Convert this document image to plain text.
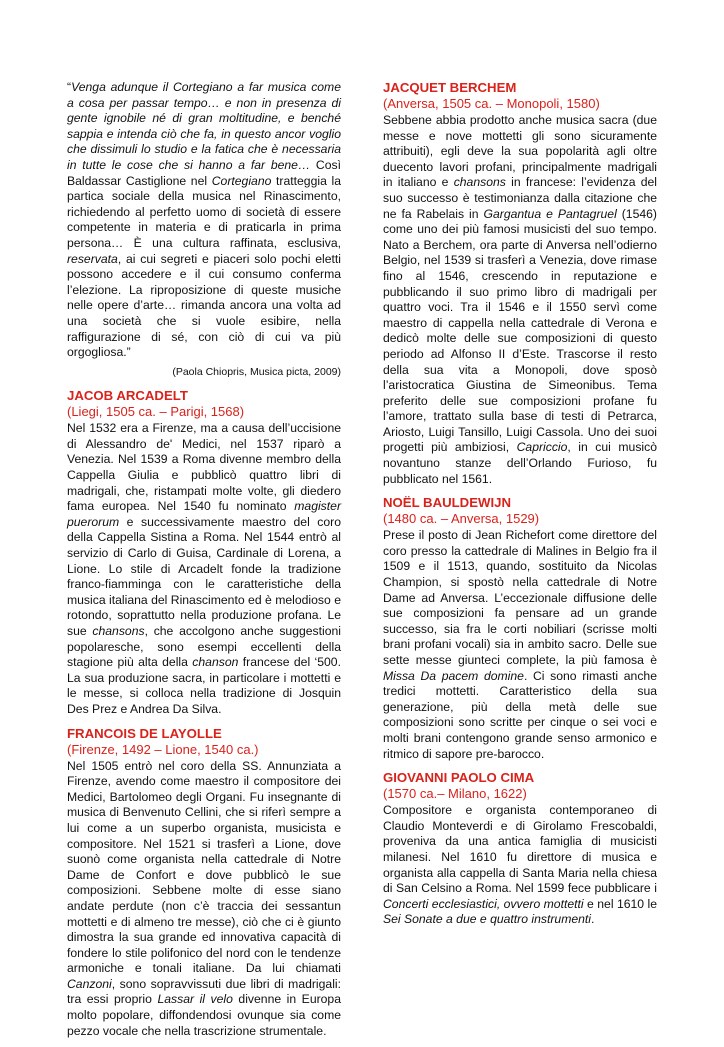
“Venga adunque il Cortegiano a far musica come a cosa per passar tempo… e non in presenza di gente ignobile né di gran moltitudine, e benché sappia e intenda ciò che fa, in questo ancor voglio che dissimuli lo studio e la fatica che è necessaria in tutte le cose che si hanno a far bene… Così Baldassar Castiglione nel Cortegiano tratteggia la partica sociale della musica nel Rinascimento, richiedendo al perfetto uomo di società di essere competente in materia e di praticarla in prima persona… È una cultura raffinata, esclusiva, reservata, ai cui segreti e piaceri solo pochi eletti possono accedere e il cui consumo conferma l’elezione. La riproposizione di queste musiche nelle opere d’arte… rimanda ancora una volta ad una società che si vuole esibire, nella raffigurazione di sé, con ciò di cui va più orgogliosa.”

(Paola Chiopris, Musica picta, 2009)

JACOB ARCADELT
(Liegi, 1505 ca. – Parigi, 1568)

Nel 1532 era a Firenze, ma a causa dell’uccisione di Alessandro de' Medici, nel 1537 riparò a Venezia. Nel 1539 a Roma divenne membro della Cappella Giulia e pubblicò quattro libri di madrigali, che, ristampati molte volte, gli diedero fama europea. Nel 1540 fu nominato magister puerorum e successivamente maestro del coro della Cappella Sistina a Roma. Nel 1544 entrò al servizio di Carlo di Guisa, Cardinale di Lorena, a Lione. Lo stile di Arcadelt fonde la tradizione franco-fiamminga con le caratteristiche della musica italiana del Rinascimento ed è melodioso e rotondo, soprattutto nella produzione profana. Le sue chansons, che accolgono anche suggestioni popolaresche, sono esempi eccellenti della stagione più alta della chanson francese del ‘500. La sua produzione sacra, in particolare i mottetti e le messe, si colloca nella tradizione di Josquin Des Prez e Andrea Da Silva.

FRANCOIS DE LAYOLLE
(Firenze, 1492 – Lione, 1540 ca.)

Nel 1505 entrò nel coro della SS. Annunziata a Firenze, avendo come maestro il compositore dei Medici, Bartolomeo degli Organi. Fu insegnante di musica di Benvenuto Cellini, che si riferì sempre a lui come a un superbo organista, musicista e compositore. Nel 1521 si trasferì a Lione, dove suonò come organista nella cattedrale di Notre Dame de Confort e dove pubblicò le sue composizioni. Sebbene molte di esse siano andate perdute (non c’è traccia dei sessantun mottetti e di almeno tre messe), ciò che ci è giunto dimostra la sua grande ed innovativa capacità di fondere lo stile polifonico del nord con le tendenze armoniche e tonali italiane. Da lui chiamati Canzoni, sono sopravvissuti due libri di madrigali: tra essi proprio Lassar il velo divenne in Europa molto popolare, diffondendosi ovunque sia come pezzo vocale che nella trascrizione strumentale.

JACQUET BERCHEM
(Anversa, 1505 ca. – Monopoli, 1580)

Sebbene abbia prodotto anche musica sacra (due messe e nove mottetti gli sono sicuramente attribuiti), egli deve la sua popolarità agli oltre duecento lavori profani, principalmente madrigali in italiano e chansons in francese: l’evidenza del suo successo è testimonianza dalla citazione che ne fa Rabelais in Gargantua e Pantagruel (1546) come uno dei più famosi musicisti del suo tempo. Nato a Berchem, ora parte di Anversa nell’odierno Belgio, nel 1539 si trasferì a Venezia, dove rimase fino al 1546, crescendo in reputazione e pubblicando il suo primo libro di madrigali per quattro voci. Tra il 1546 e il 1550 servì come maestro di cappella nella cattedrale di Verona e dedicò molte delle sue composizioni di questo periodo ad Alfonso II d’Este. Trascorse il resto della sua vita a Monopoli, dove sposò l’aristocratica Giustina de Simeonibus. Tema preferito delle sue composizioni profane fu l’amore, trattato sulla base di testi di Petrarca, Ariosto, Luigi Tansillo, Luigi Cassola. Uno dei suoi progetti più ambiziosi, Capriccio, in cui musicò novantuno stanze dell’Orlando Furioso, fu pubblicato nel 1561.

NOËL BAULDEWIJN
(1480 ca. – Anversa, 1529)

Prese il posto di Jean Richefort come direttore del coro presso la cattedrale di Malines in Belgio fra il 1509 e il 1513, quando, sostituito da Nicolas Champion, si spostò nella cattedrale di Notre Dame ad Anversa. L’eccezionale diffusione delle sue composizioni fa pensare ad un grande successo, sia fra le corti nobiliari (scrisse molti brani profani vocali) sia in ambito sacro. Delle sue sette messe giunteci complete, la più famosa è Missa Da pacem domine. Ci sono rimasti anche tredici mottetti. Caratteristico della sua generazione, più della metà delle sue composizioni sono scritte per cinque o sei voci e molti brani contengono grande senso armonico e ritmico di sapore pre-barocco.

GIOVANNI PAOLO CIMA
(1570 ca.– Milano, 1622)

Compositore e organista contemporaneo di Claudio Monteverdi e di Girolamo Frescobaldi, proveniva da una antica famiglia di musicisti milanesi. Nel 1610 fu direttore di musica e organista alla cappella di Santa Maria nella chiesa di San Celsino a Roma. Nel 1599 fece pubblicare i Concerti ecclesiastici, ovvero mottetti e nel 1610 le Sei Sonate a due e quattro instrumenti.
